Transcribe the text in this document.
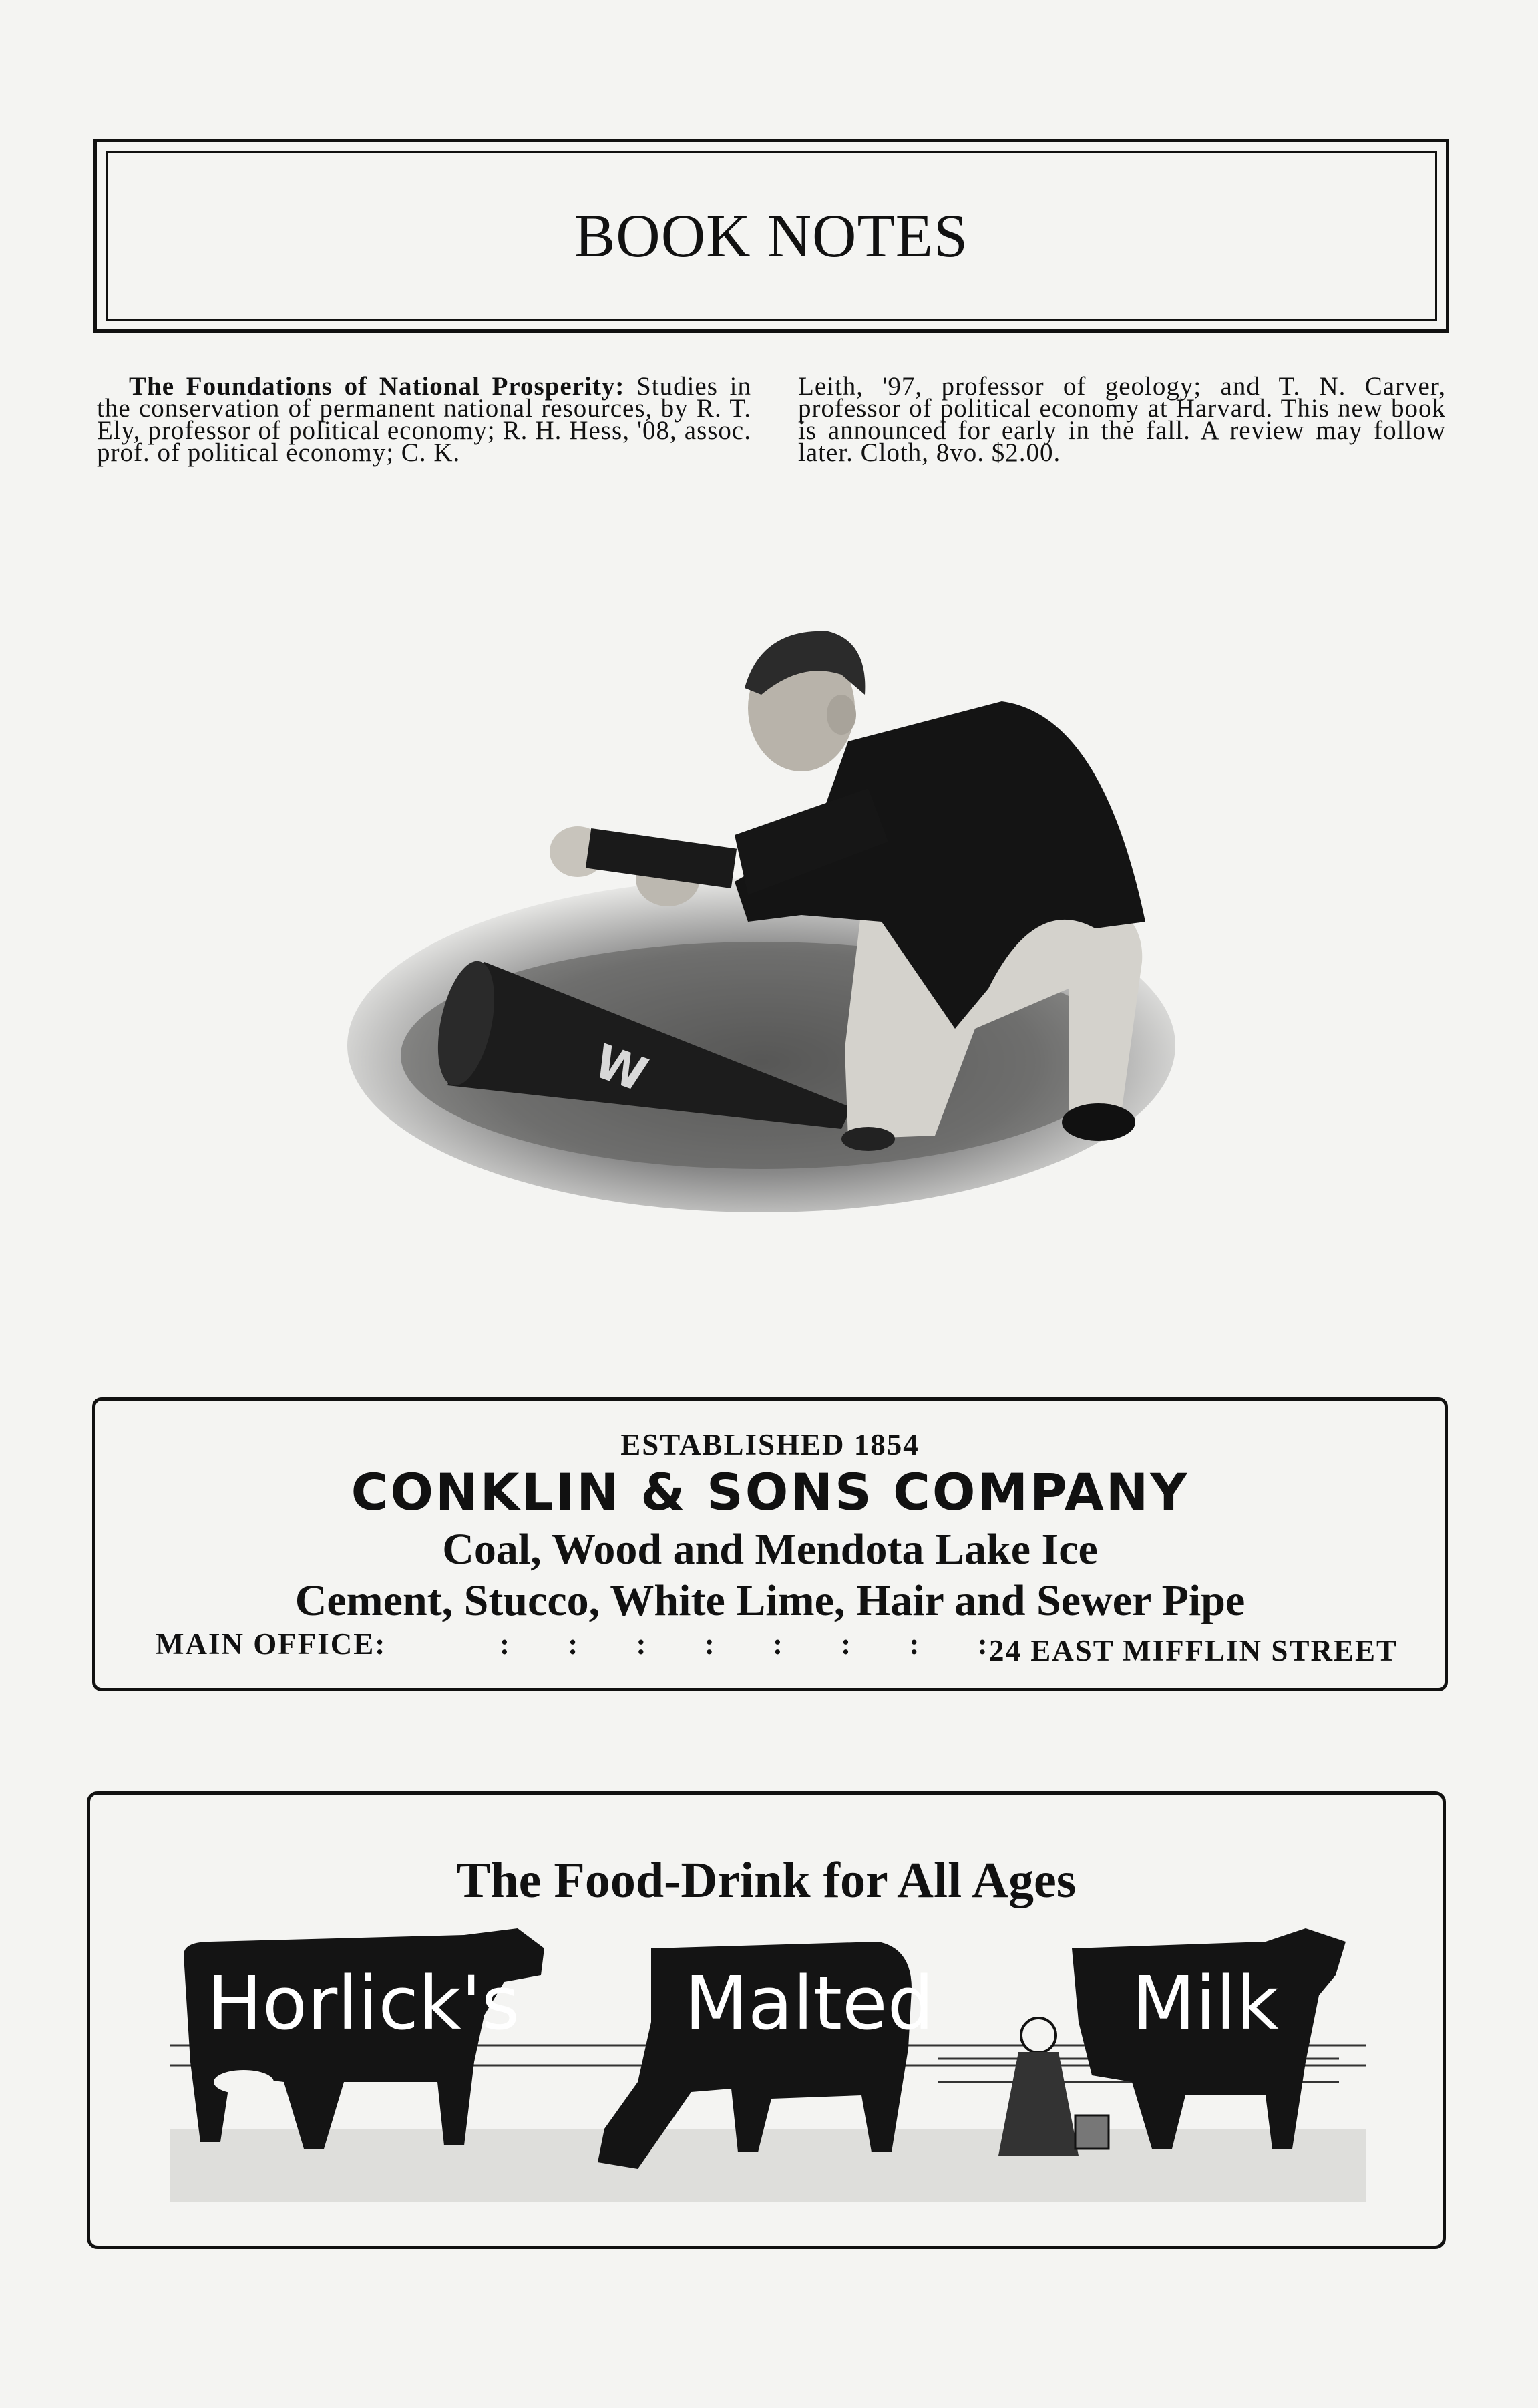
BOOK NOTES
The Foundations of National Prosperity: Studies in the conservation of permanent national resources, by R. T. Ely, professor of political economy; R. H. Hess, '08, assoc. prof. of political economy; C. K.
Leith, '97, professor of geology; and T. N. Carver, professor of political economy at Harvard. This new book is announced for early in the fall. A review may follow later. Cloth, 8vo. $2.00.
W
ESTABLISHED 1854
CONKLIN & SONS COMPANY
Coal, Wood and Mendota Lake Ice
Cement, Stucco, White Lime, Hair and Sewer Pipe
MAIN OFFICE:	: : : : : : : :
24 EAST MIFFLIN STREET
The Food-Drink for All Ages
Horlick's Malted	Milk
